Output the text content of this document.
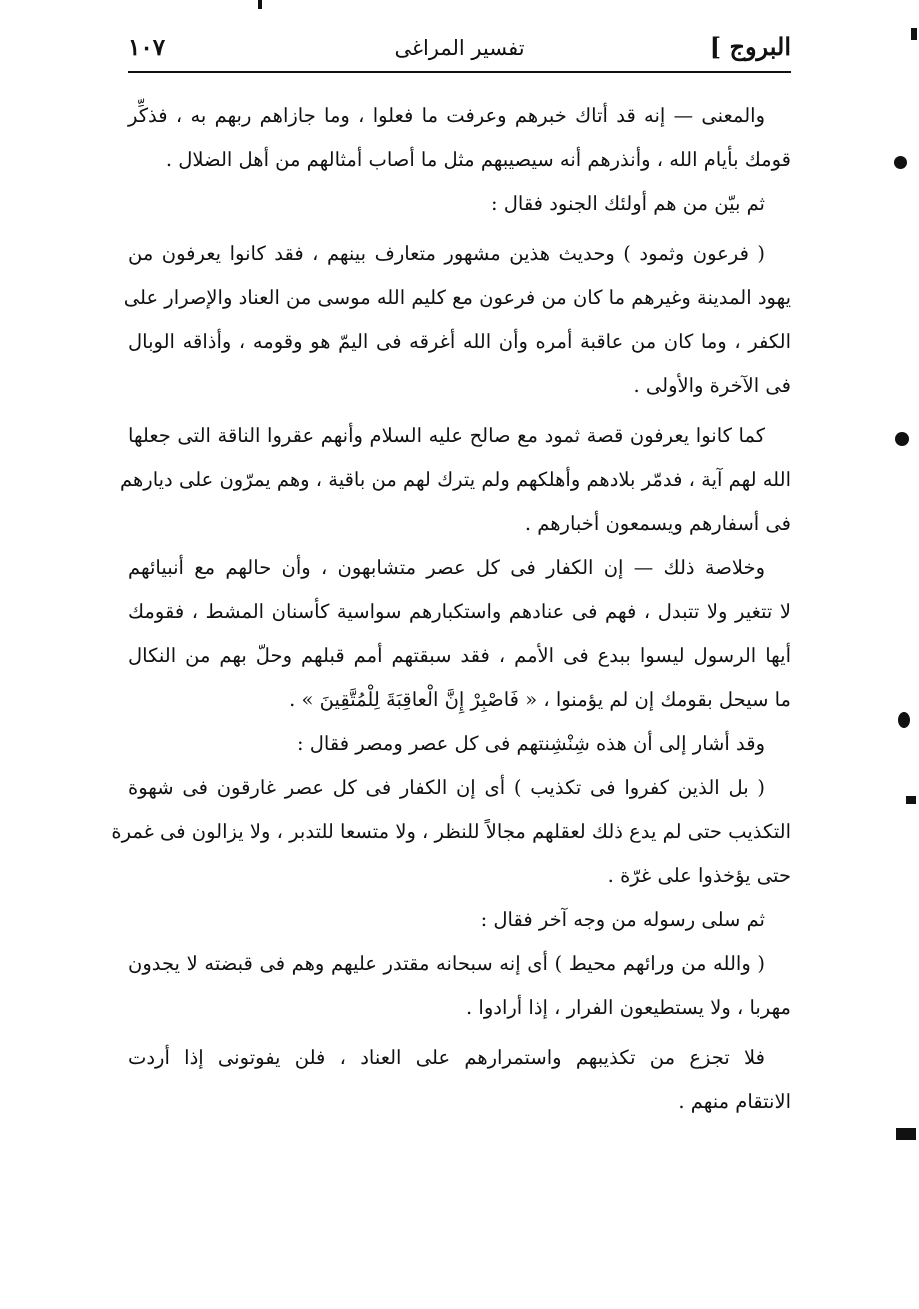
البروج ]
تفسير المراغى
١٠٧
والمعنى — إنه قد أتاك خبرهم وعرفت ما فعلوا ، وما جازاهم ربهم به ، فذكِّر
قومك بأيام الله ، وأنذرهم أنه سيصيبهم مثل ما أصاب أمثالهم من أهل الضلال .
ثم بيّن من هم أولئك الجنود فقال :
( فرعون وثمود ) وحديث هذين مشهور متعارف بينهم ، فقد كانوا يعرفون من
يهود المدينة وغيرهم ما كان من فرعون مع كليم الله موسى من العناد والإصرار على
الكفر ، وما كان من عاقبة أمره وأن الله أغرقه فى اليمّ هو وقومه ، وأذاقه الوبال
فى الآخرة والأولى .
كما كانوا يعرفون قصة ثمود مع صالح عليه السلام وأنهم عقروا الناقة التى جعلها
الله لهم آية ، فدمّر بلادهم وأهلكهم ولم يترك لهم من باقية ، وهم يمرّون على ديارهم
فى أسفارهم ويسمعون أخبارهم .
وخلاصة ذلك — إن الكفار فى كل عصر متشابهون ، وأن حالهم مع أنبيائهم
لا تتغير ولا تتبدل ، فهم فى عنادهم واستكبارهم سواسية كأسنان المشط ، فقومك
أيها الرسول ليسوا ببدع فى الأمم ، فقد سبقتهم أمم قبلهم وحلّ بهم من النكال
ما سيحل بقومك إن لم يؤمنوا ، « فَاصْبِرْ إِنَّ الْعاقِبَةَ لِلْمُتَّقِينَ » .
وقد أشار إلى أن هذه شِنْشِنتهم فى كل عصر ومصر فقال :
( بل الذين كفروا فى تكذيب ) أى إن الكفار فى كل عصر غارقون فى شهوة
التكذيب حتى لم يدع ذلك لعقلهم مجالاً للنظر ، ولا متسعا للتدبر ، ولا يزالون فى غمرة
حتى يؤخذوا على غرّة .
ثم سلى رسوله من وجه آخر فقال :
( والله من ورائهم محيط ) أى إنه سبحانه مقتدر عليهم وهم فى قبضته لا يجدون
مهربا ، ولا يستطيعون الفرار ، إذا أرادوا .
فلا تجزع من تكذيبهم واستمرارهم على العناد ، فلن يفوتونى إذا أردت
الانتقام منهم .
